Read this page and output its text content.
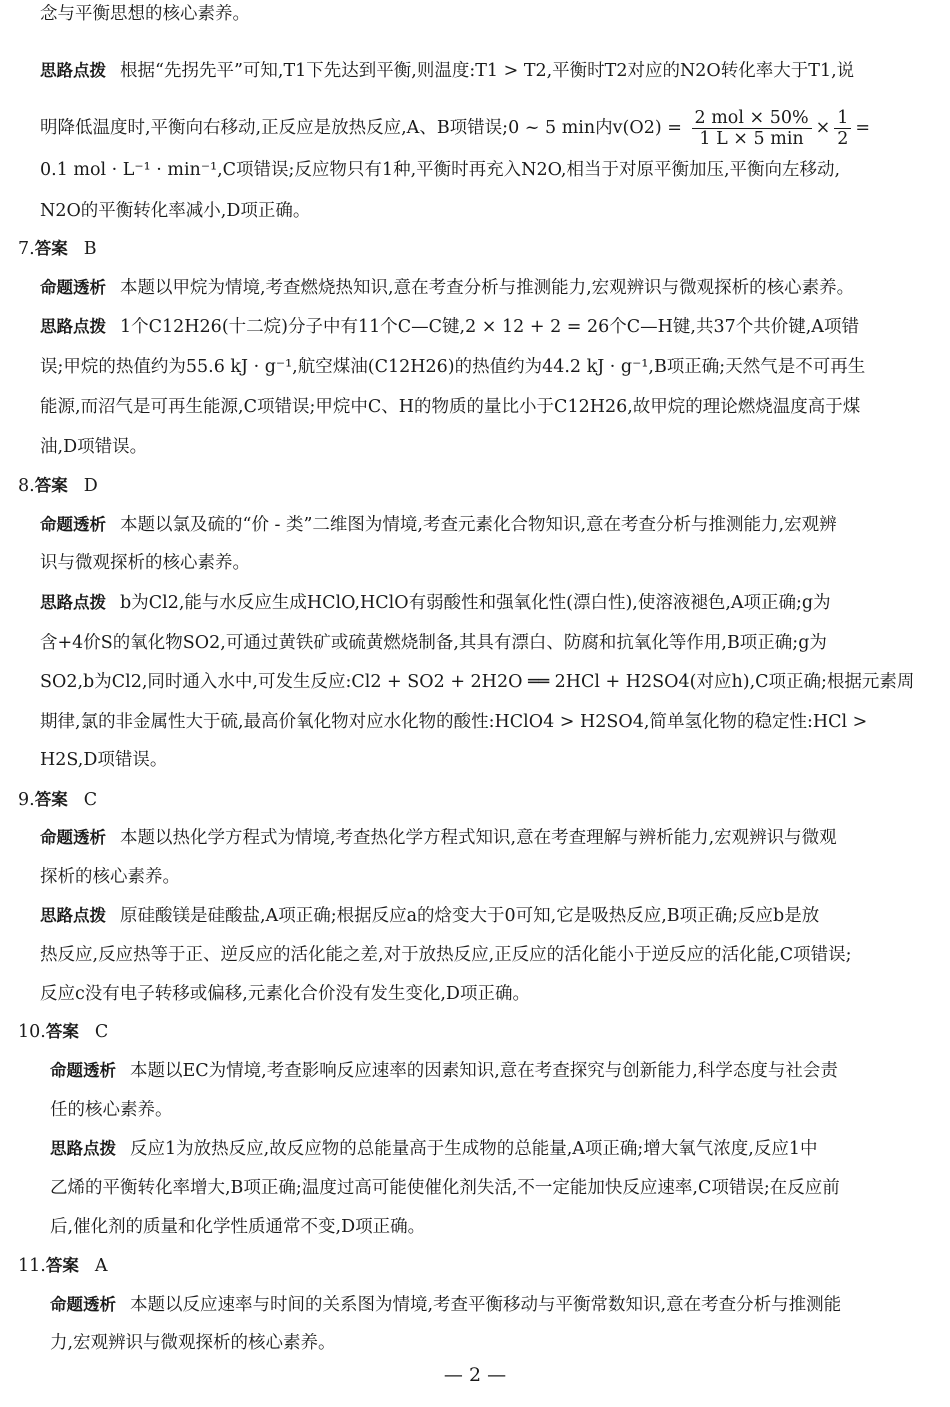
念与平衡思想的核心素养。
思路点拨 根据“先拐先平”可知,T1下先达到平衡,则温度:T1 > T2,平衡时T2对应的N2O转化率大于T1,说
明降低温度时,平衡向右移动,正反应是放热反应,A、B项错误;0 ~ 5 min内$v(O2) = \frac{\text{2 mol × 50\%}}{1 L \times 5 \min} \times \frac{1}{2}$ =
0.1 mol · L⁻¹ · min⁻¹,C项错误;反应物只有1种,平衡时再充入N2O,相当于对原平衡加压,平衡向左移动,
N2O的平衡转化率减小,D项正确。
7.答案 B
命题透析 本题以甲烷为情境,考查燃烧热知识,意在考查分析与推测能力,宏观辨识与微观探析的核心素养。
思路点拨 1个C12H26(十二烷)分子中有11个C—C键,2 × 12 + 2 = 26个C—H键,共37个共价键,A项错
误;甲烷的热值约为55.6 kJ · g⁻¹,航空煤油(C12H26)的热值约为44.2 kJ · g⁻¹,B项正确;天然气是不可再生
能源,而沼气是可再生能源,C项错误;甲烷中C、H的物质的量比小于C12H26,故甲烷的理论燃烧温度高于煤
油,D项错误。
8.答案 D
命题透析 本题以氯及硫的“价 - 类”二维图为情境,考查元素化合物知识,意在考查分析与推测能力,宏观辨
识与微观探析的核心素养。
思路点拨 b为Cl2,能与水反应生成HClO,HClO有弱酸性和强氧化性(漂白性),使溶液褪色,A项正确;g为
含+4价S的氧化物SO2,可通过黄铁矿或硫黄燃烧制备,其具有漂白、防腐和抗氧化等作用,B项正确;g为
SO2,b为Cl2,同时通入水中,可发生反应:Cl2 + SO2 + 2H2O ══ 2HCl + H2SO4(对应h),C项正确;根据元素周
期律,氯的非金属性大于硫,最高价氧化物对应水化物的酸性:HClO4 > H2SO4,简单氢化物的稳定性:HCl >
H2S,D项错误。
9.答案 C
命题透析 本题以热化学方程式为情境,考查热化学方程式知识,意在考查理解与辨析能力,宏观辨识与微观
探析的核心素养。
思路点拨 原硅酸镁是硅酸盐,A项正确;根据反应a的焓变大于0可知,它是吸热反应,B项正确;反应b是放
热反应,反应热等于正、逆反应的活化能之差,对于放热反应,正反应的活化能小于逆反应的活化能,C项错误;
反应c没有电子转移或偏移,元素化合价没有发生变化,D项正确。
10.答案 C
命题透析 本题以EC为情境,考查影响反应速率的因素知识,意在考查探究与创新能力,科学态度与社会责
任的核心素养。
思路点拨 反应1为放热反应,故反应物的总能量高于生成物的总能量,A项正确;增大氧气浓度,反应1中
乙烯的平衡转化率增大,B项正确;温度过高可能使催化剂失活,不一定能加快反应速率,C项错误;在反应前
后,催化剂的质量和化学性质通常不变,D项正确。
11.答案 A
命题透析 本题以反应速率与时间的关系图为情境,考查平衡移动与平衡常数知识,意在考查分析与推测能
力,宏观辨识与微观探析的核心素养。
— 2 —
